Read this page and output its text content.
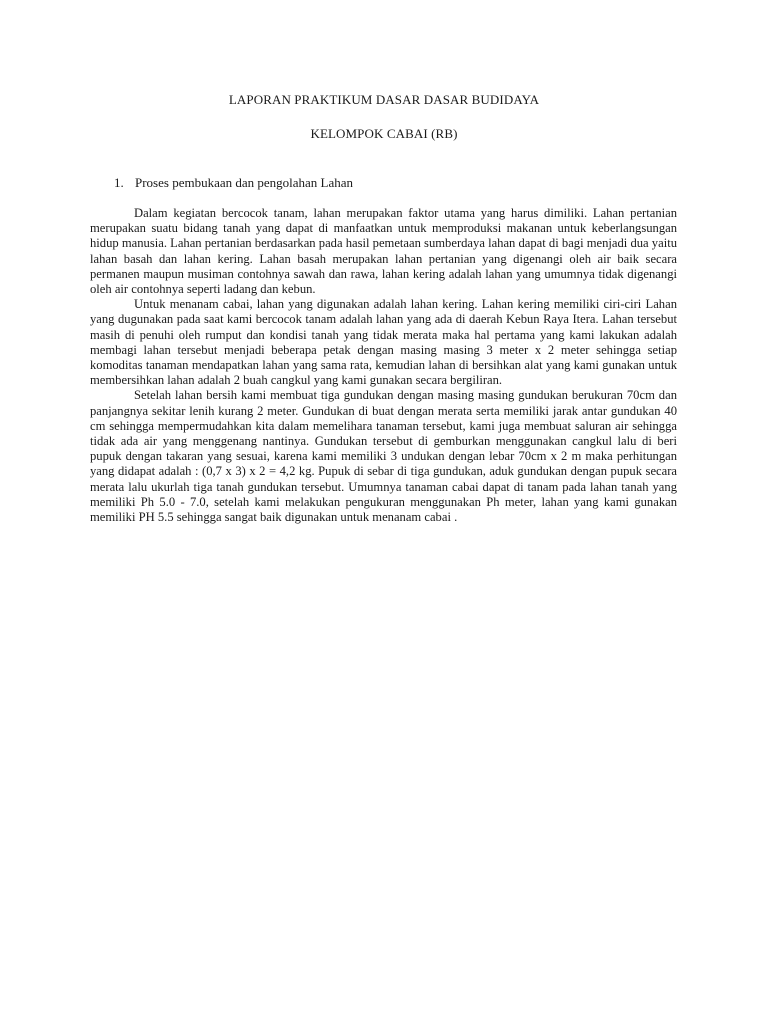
LAPORAN PRAKTIKUM DASAR DASAR BUDIDAYA
KELOMPOK CABAI (RB)
1. Proses pembukaan dan pengolahan Lahan

Dalam kegiatan bercocok tanam, lahan merupakan faktor utama yang harus dimiliki. Lahan pertanian merupakan suatu bidang tanah yang dapat di manfaatkan untuk memproduksi makanan untuk keberlangsungan hidup manusia. Lahan pertanian berdasarkan pada hasil pemetaan sumberdaya lahan dapat di bagi menjadi dua yaitu lahan basah dan lahan kering. Lahan basah merupakan lahan pertanian yang digenangi oleh air baik secara permanen maupun musiman contohnya sawah dan rawa, lahan kering adalah lahan yang umumnya tidak digenangi oleh air contohnya seperti ladang dan kebun.

Untuk menanam cabai, lahan yang digunakan adalah lahan kering. Lahan kering memiliki ciri-ciri Lahan yang dugunakan pada saat kami bercocok tanam adalah lahan yang ada di daerah Kebun Raya Itera. Lahan tersebut masih di penuhi oleh rumput dan kondisi tanah yang tidak merata maka hal pertama yang kami lakukan adalah membagi lahan tersebut menjadi beberapa petak dengan masing masing 3 meter x 2 meter sehingga setiap komoditas tanaman mendapatkan lahan yang sama rata, kemudian lahan di bersihkan alat yang kami gunakan untuk membersihkan lahan adalah 2 buah cangkul yang kami gunakan secara bergiliran.

Setelah lahan bersih kami membuat tiga gundukan dengan masing masing gundukan berukuran 70cm dan panjangnya sekitar lenih kurang 2 meter. Gundukan di buat dengan merata serta memiliki jarak antar gundukan 40 cm sehingga mempermudahkan kita dalam memelihara tanaman tersebut, kami juga membuat saluran air sehingga tidak ada air yang menggenang nantinya. Gundukan tersebut di gemburkan menggunakan cangkul lalu di beri pupuk dengan takaran yang sesuai, karena kami memiliki 3 undukan dengan lebar 70cm x 2 m maka perhitungan yang didapat adalah : (0,7 x 3) x 2 = 4,2 kg. Pupuk di sebar di tiga gundukan, aduk gundukan dengan pupuk secara merata lalu ukurlah tiga tanah gundukan tersebut. Umumnya tanaman cabai dapat di tanam pada lahan tanah yang memiliki Ph 5.0 - 7.0, setelah kami melakukan pengukuran menggunakan Ph meter, lahan yang kami gunakan memiliki PH 5.5 sehingga sangat baik digunakan untuk menanam cabai .
